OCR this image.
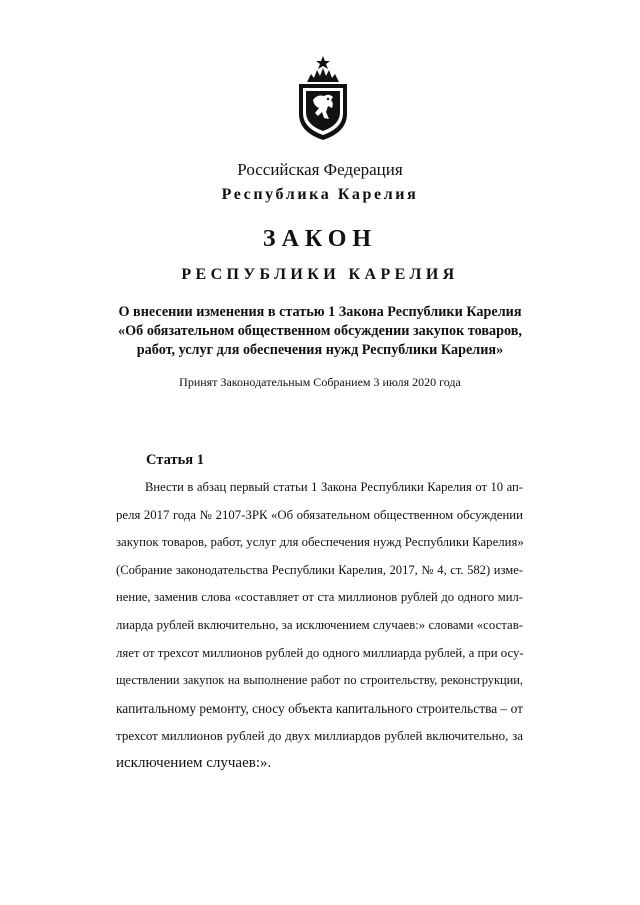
Российская Федерация
Республика Карелия
ЗАКОН
РЕСПУБЛИКИ КАРЕЛИЯ
О внесении изменения в статью 1 Закона Республики Карелия
«Об обязательном общественном обсуждении закупок товаров,
работ, услуг для обеспечения нужд Республики Карелия»
Принят Законодательным Собранием 3 июля 2020 года
Статья 1
Внести в абзац первый статьи 1 Закона Республики Карелия от 10 ап-
реля 2017 года № 2107-ЗРК «Об обязательном общественном обсуждении
закупок товаров, работ, услуг для обеспечения нужд Республики Карелия»
(Собрание законодательства Республики Карелия, 2017, № 4, ст. 582) изме-
нение, заменив слова «составляет от ста миллионов рублей до одного мил-
лиарда рублей включительно, за исключением случаев:» словами «состав-
ляет от трехсот миллионов рублей до одного миллиарда рублей, а при осу-
ществлении закупок на выполнение работ по строительству, реконструкции,
капитальному ремонту, сносу объекта капитального строительства – от
трехсот миллионов рублей до двух миллиардов рублей включительно, за
исключением случаев:».
